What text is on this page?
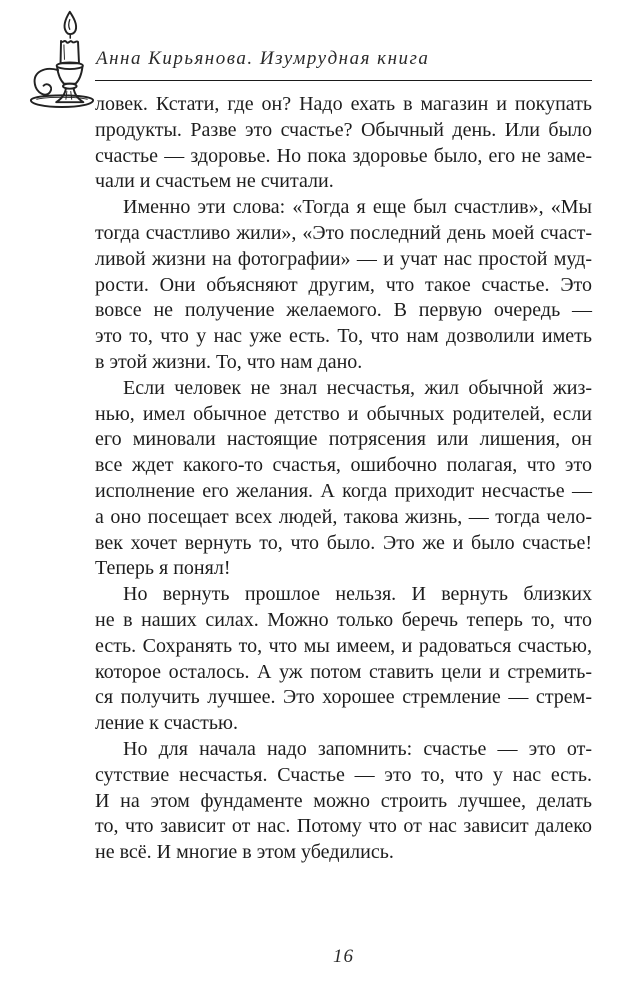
Анна Кирьянова. Изумрудная книга
ловек. Кстати, где он? Надо ехать в магазин и покупать
продукты. Разве это счастье? Обычный день. Или было
счастье — здоровье. Но пока здоровье было, его не заме-
чали и счастьем не считали.
Именно эти слова: «Тогда я еще был счастлив», «Мы
тогда счастливо жили», «Это последний день моей счаст-
ливой жизни на фотографии» — и учат нас простой муд-
рости. Они объясняют другим, что такое счастье. Это
вовсе не получение желаемого. В первую очередь —
это то, что у нас уже есть. То, что нам дозволили иметь
в этой жизни. То, что нам дано.
Если человек не знал несчастья, жил обычной жиз-
нью, имел обычное детство и обычных родителей, если
его миновали настоящие потрясения или лишения, он
все ждет какого-то счастья, ошибочно полагая, что это
исполнение его желания. А когда приходит несчастье —
а оно посещает всех людей, такова жизнь, — тогда чело-
век хочет вернуть то, что было. Это же и было счастье!
Теперь я понял!
Но вернуть прошлое нельзя. И вернуть близких
не в наших силах. Можно только беречь теперь то, что
есть. Сохранять то, что мы имеем, и радоваться счастью,
которое осталось. А уж потом ставить цели и стремить-
ся получить лучшее. Это хорошее стремление — стрем-
ление к счастью.
Но для начала надо запомнить: счастье — это от-
сутствие несчастья. Счастье — это то, что у нас есть.
И на этом фундаменте можно строить лучшее, делать
то, что зависит от нас. Потому что от нас зависит далеко
не всё. И многие в этом убедились.
16
